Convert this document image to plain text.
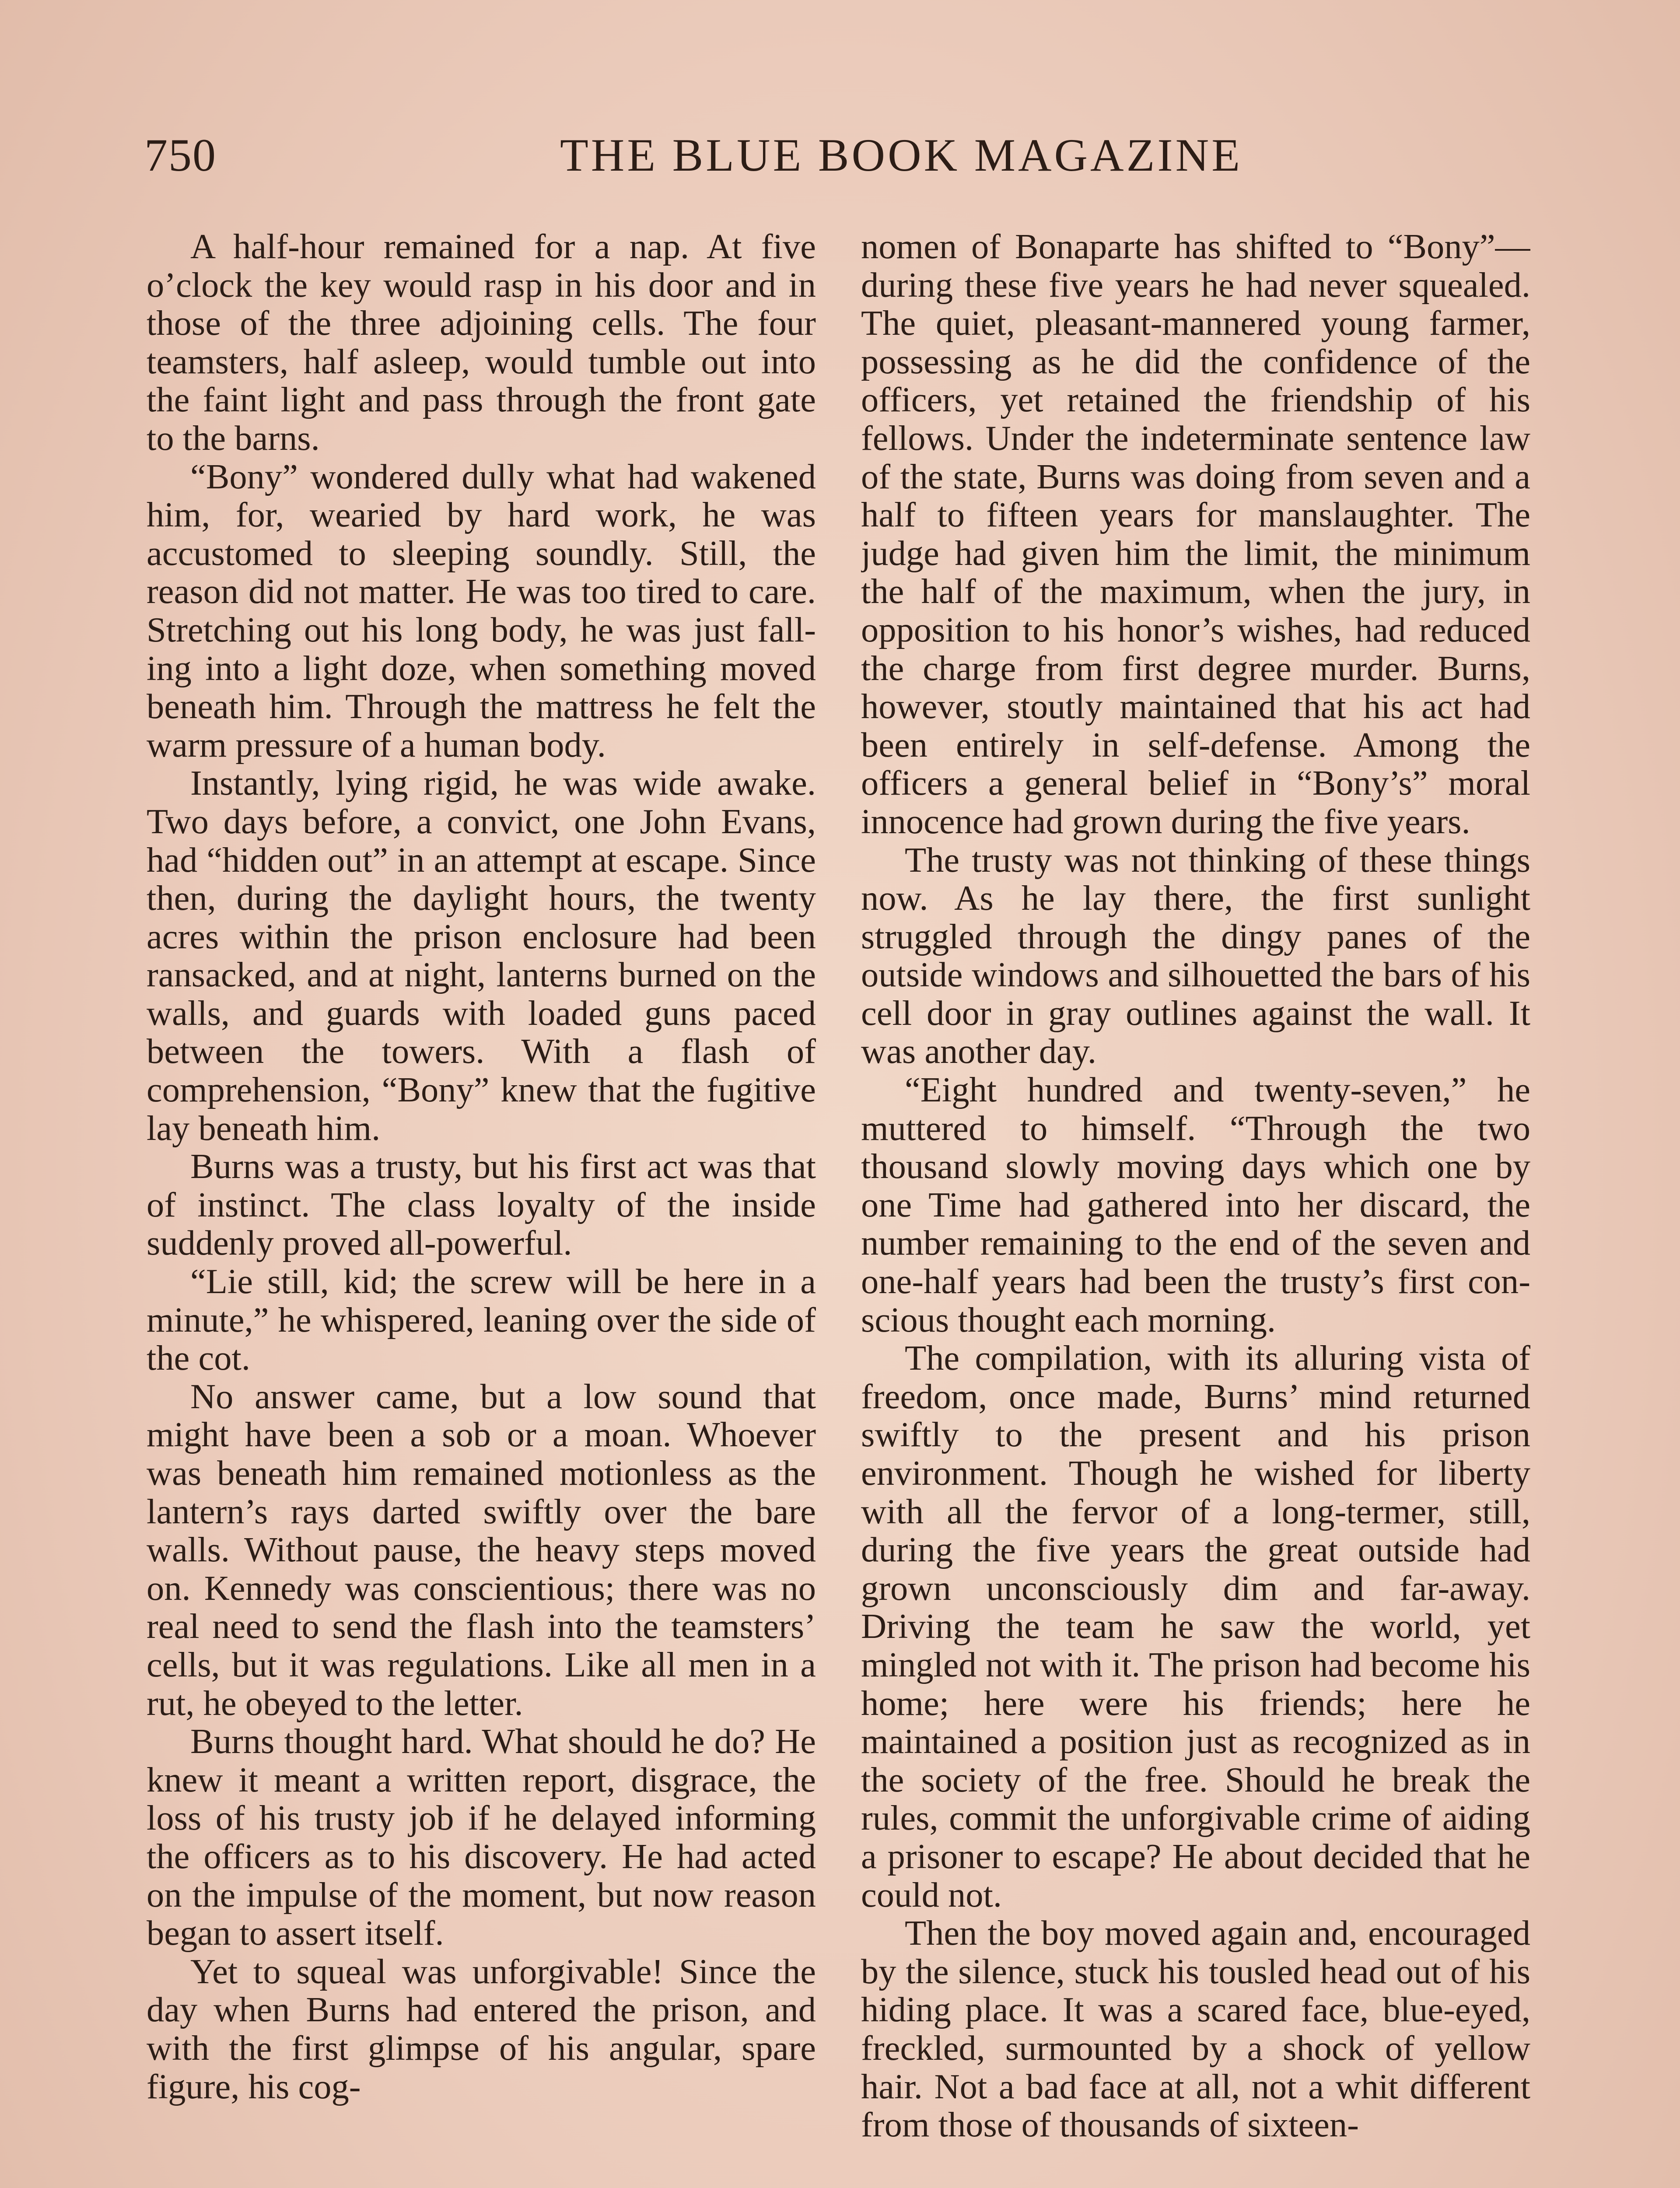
750	THE BLUE BOOK MAGAZINE

A half-hour remained for a nap. At five o’clock the key would rasp in his door and in those of the three adjoining cells. The four teamsters, half asleep, would tumble out into the faint light and pass through the front gate to the barns.

“Bony” wondered dully what had wakened him, for, wearied by hard work, he was accustomed to sleeping soundly. Still, the reason did not matter. He was too tired to care. Stretching out his long body, he was just falling into a light doze, when something moved beneath him. Through the mattress he felt the warm pressure of a human body.

Instantly, lying rigid, he was wide awake. Two days before, a convict, one John Evans, had “hidden out” in an attempt at escape. Since then, during the daylight hours, the twenty acres within the prison enclosure had been ransacked, and at night, lanterns burned on the walls, and guards with loaded guns paced between the towers. With a flash of comprehension, “Bony” knew that the fugitive lay beneath him.

Burns was a trusty, but his first act was that of instinct. The class loyalty of the inside suddenly proved all-powerful.

“Lie still, kid; the screw will be here in a minute,” he whispered, leaning over the side of the cot.

No answer came, but a low sound that might have been a sob or a moan. Whoever was beneath him remained motionless as the lantern’s rays darted swiftly over the bare walls. Without pause, the heavy steps moved on. Kennedy was conscientious; there was no real need to send the flash into the teamsters’ cells, but it was regulations. Like all men in a rut, he obeyed to the letter.

Burns thought hard. What should he do? He knew it meant a written report, disgrace, the loss of his trusty job if he delayed informing the officers as to his discovery. He had acted on the impulse of the moment, but now reason began to assert itself.

Yet to squeal was unforgivable! Since the day when Burns had entered the prison, and with the first glimpse of his angular, spare figure, his cog-

nomen of Bonaparte has shifted to “Bony”—during these five years he had never squealed. The quiet, pleasant-mannered young farmer, possessing as he did the confidence of the officers, yet retained the friendship of his fellows. Under the indeterminate sentence law of the state, Burns was doing from seven and a half to fifteen years for manslaughter. The judge had given him the limit, the minimum the half of the maximum, when the jury, in opposition to his honor’s wishes, had reduced the charge from first degree murder. Burns, however, stoutly maintained that his act had been entirely in self-defense. Among the officers a general belief in “Bony’s” moral innocence had grown during the five years.

The trusty was not thinking of these things now. As he lay there, the first sunlight struggled through the dingy panes of the outside windows and silhouetted the bars of his cell door in gray outlines against the wall. It was another day.

“Eight hundred and twenty-seven,” he muttered to himself. “Through the two thousand slowly moving days which one by one Time had gathered into her discard, the number remaining to the end of the seven and one-half years had been the trusty’s first conscious thought each morning.

The compilation, with its alluring vista of freedom, once made, Burns’ mind returned swiftly to the present and his prison environment. Though he wished for liberty with all the fervor of a long-termer, still, during the five years the great outside had grown unconsciously dim and far-away. Driving the team he saw the world, yet mingled not with it. The prison had become his home; here were his friends; here he maintained a position just as recognized as in the society of the free. Should he break the rules, commit the unforgivable crime of aiding a prisoner to escape? He about decided that he could not.

Then the boy moved again and, encouraged by the silence, stuck his tousled head out of his hiding place. It was a scared face, blue-eyed, freckled, surmounted by a shock of yellow hair. Not a bad face at all, not a whit different from those of thousands of sixteen-
